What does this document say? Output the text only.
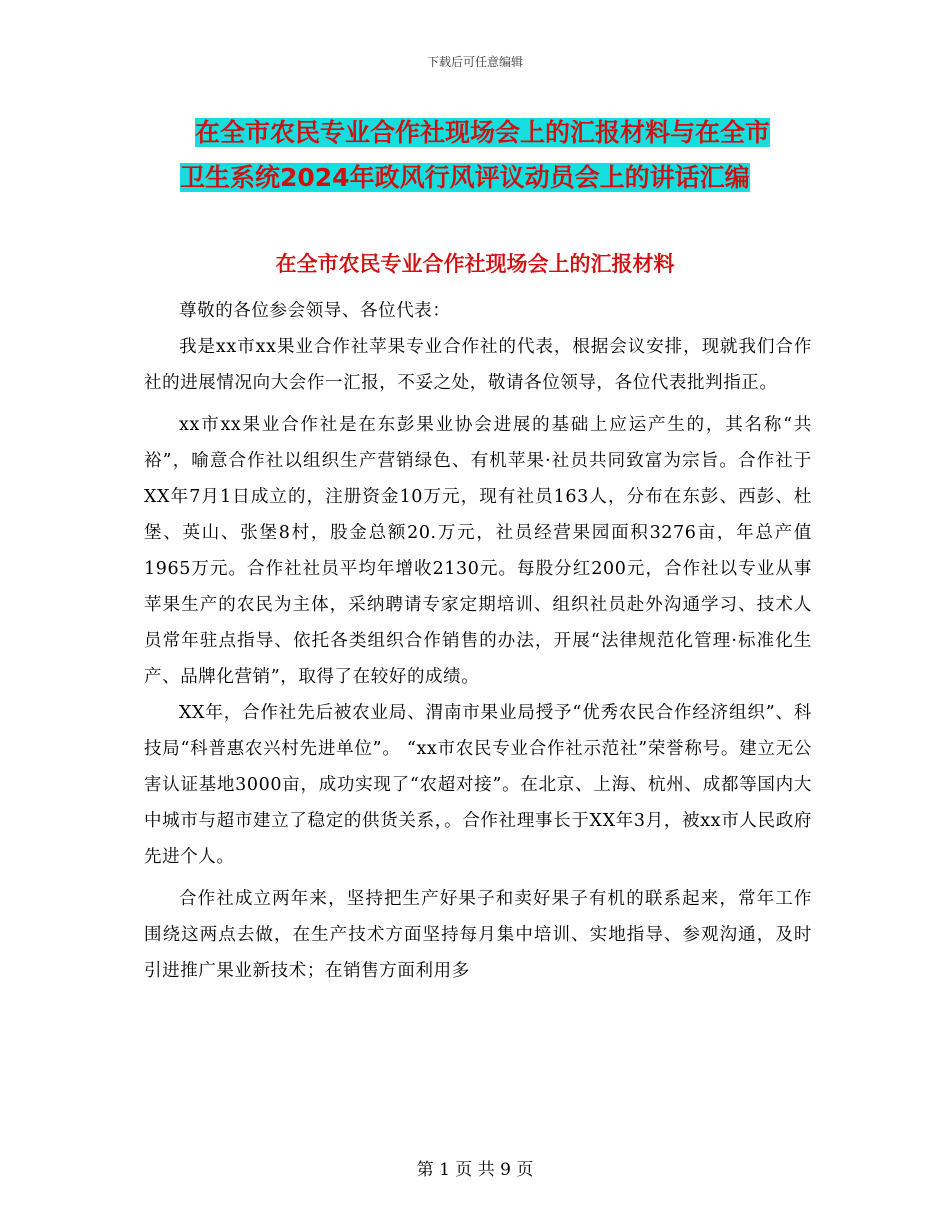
下载后可任意编辑
在全市农民专业合作社现场会上的汇报材料与在全市
卫生系统2024年政风行风评议动员会上的讲话汇编
在全市农民专业合作社现场会上的汇报材料

尊敬的各位参会领导、各位代表：

我是xx市xx果业合作社苹果专业合作社的代表，根据会议安排，现就我们合作社的进展情况向大会作一汇报，不妥之处，敬请各位领导，各位代表批判指正。

xx市xx果业合作社是在东彭果业协会进展的基础上应运产生的，其名称“共裕”，喻意合作社以组织生产营销绿色、有机苹果·社员共同致富为宗旨。合作社于XX年7月1日成立的，注册资金10万元，现有社员163人，分布在东彭、西彭、杜堡、英山、张堡8村，股金总额20.万元，社员经营果园面积3276亩，年总产值1965万元。合作社社员平均年增收2130元。每股分红200元，合作社以专业从事苹果生产的农民为主体，采纳聘请专家定期培训、组织社员赴外沟通学习、技术人员常年驻点指导、依托各类组织合作销售的办法，开展“法律规范化管理·标准化生产、品牌化营销”，取得了在较好的成绩。

XX年，合作社先后被农业局、渭南市果业局授予“优秀农民合作经济组织”、科技局“科普惠农兴村先进单位”。 “xx市农民专业合作社示范社”荣誉称号。建立无公害认证基地3000亩，成功实现了“农超对接”。在北京、上海、杭州、成都等国内大中城市与超市建立了稳定的供货关系，。合作社理事长于XX年3月，被xx市人民政府先进个人。

合作社成立两年来，坚持把生产好果子和卖好果子有机的联系起来，常年工作围绕这两点去做，在生产技术方面坚持每月集中培训、实地指导、参观沟通，及时引进推广果业新技术；在销售方面利用多

第 1 页 共 9 页
